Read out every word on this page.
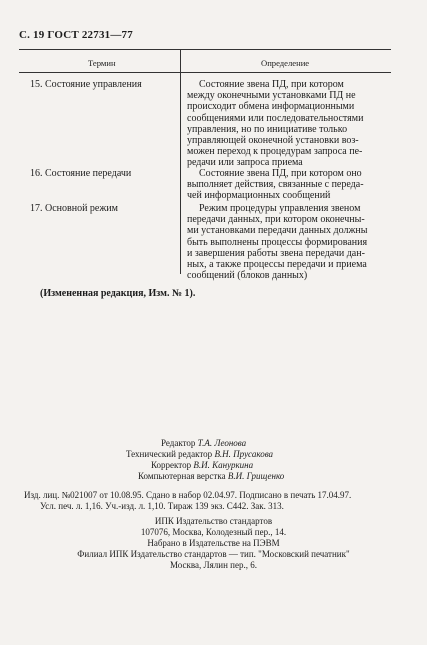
С. 19 ГОСТ 22731—77
Термин	Определение
15. Состояние управления	Состояние звена ПД, при котором
между оконечными установками ПД не
происходит обмена информационными
сообщениями или последовательностями
управления, но по инициативе только
управляющей оконечной установки воз-
можен переход к процедурам запроса пе-
редачи или запроса приема
16. Состояние передачи	Состояние звена ПД, при котором оно
выполняет действия, связанные с переда-
чей информационных сообщений
17. Основной режим	Режим процедуры управления звеном
передачи данных, при котором оконечны-
ми установками передачи данных должны
быть выполнены процессы формирования
и завершения работы звена передачи дан-
ных, а также процессы передачи и приема
сообщений (блоков данных)
(Измененная редакция, Изм. № 1).
Редактор Т.А. Леонова
Технический редактор В.Н. Прусакова
Корректор В.И. Кануркина
Компьютерная верстка В.И. Грищенко
Изд. лиц. №021007 от 10.08.95. Сдано в набор 02.04.97. Подписано в печать 17.04.97.
Усл. печ. л. 1,16. Уч.-изд. л. 1,10. Тираж 139 экз. С442. Зак. 313.
ИПК Издательство стандартов
107076, Москва, Колодезный пер., 14.
Набрано в Издательстве на ПЭВМ
Филиал ИПК Издательство стандартов — тип. "Московский печатник"
Москва, Лялин пер., 6.
